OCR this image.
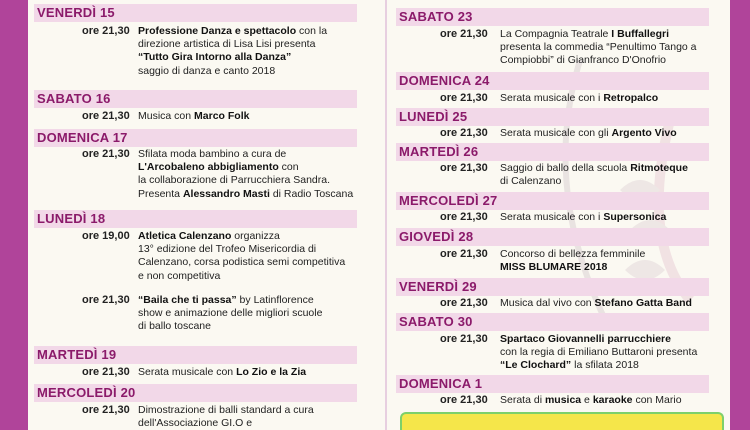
VENERDÌ 15
ore 21,30 Professione Danza e spettacolo con la
direzione artistica di Lisa Lisi presenta
“Tutto Gira Intorno alla Danza”
saggio di danza e canto 2018
SABATO 16
ore 21,30 Musica con Marco Folk
DOMENICA 17
ore 21,30 Sfilata moda bambino a cura de
L'Arcobaleno abbigliamento con
la collaborazione di Parrucchiera Sandra.
Presenta Alessandro Masti di Radio Toscana
LUNEDÌ 18
ore 19,00 Atletica Calenzano organizza
13° edizione del Trofeo Misericordia di
Calenzano, corsa podistica semi competitiva
e non competitiva
ore 21,30 “Baila che ti passa” by Latinflorence
show e animazione delle migliori scuole
di ballo toscane
MARTEDÌ 19
ore 21,30 Serata musicale con Lo Zio e la Zia
MERCOLEDÌ 20
ore 21,30 Dimostrazione di balli standard a cura
dell'Associazione GI.O e
SABATO 23
ore 21,30 La Compagnia Teatrale I Buffallegri
presenta la commedia “Penultimo Tango a
Compiobbi” di Gianfranco D'Onofrio
DOMENICA 24
ore 21,30 Serata musicale con i Retropalco
LUNEDÌ 25
ore 21,30 Serata musicale con gli Argento Vivo
MARTEDÌ 26
ore 21,30 Saggio di ballo della scuola Ritmoteque
di Calenzano
MERCOLEDÌ 27
ore 21,30 Serata musicale con i Supersonica
GIOVEDÌ 28
ore 21,30 Concorso di bellezza femminile
MISS BLUMARE 2018
VENERDÌ 29
ore 21,30 Musica dal vivo con Stefano Gatta Band
SABATO 30
ore 21,30 Spartaco Giovannelli parrucchiere
con la regia di Emiliano Buttaroni presenta
“Le Clochard” la sfilata 2018
DOMENICA 1
ore 21,30 Serata di musica e karaoke con Mario
